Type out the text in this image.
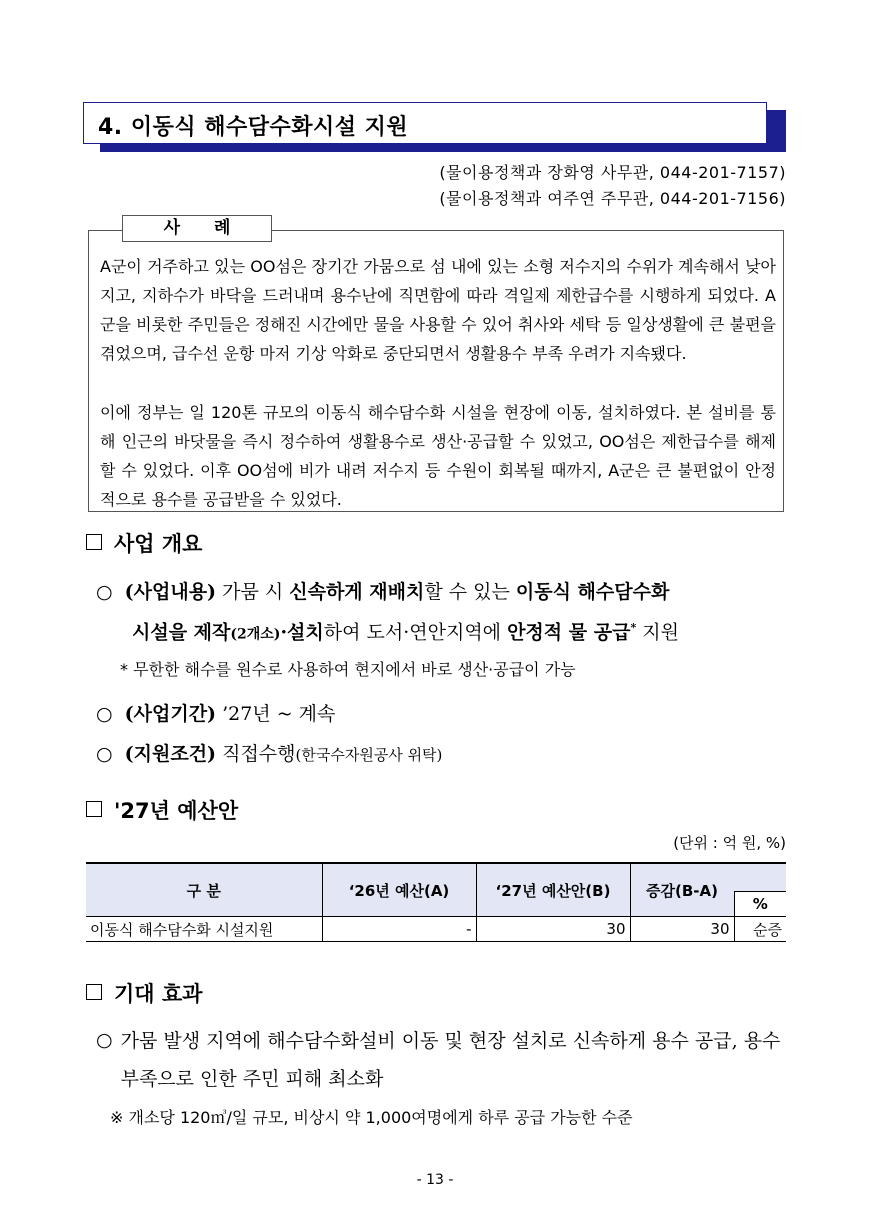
4. 이동식 해수담수화시설 지원
(물이용정책과 장화영 사무관, 044-201-7157)
(물이용정책과 여주연 주무관, 044-201-7156)
사 례
A군이 거주하고 있는 OO섬은 장기간 가뭄으로 섬 내에 있는 소형 저수지의 수위가 계속해서 낮아지고, 지하수가 바닥을 드러내며 용수난에 직면함에 따라 격일제 제한급수를 시행하게 되었다. A군을 비롯한 주민들은 정해진 시간에만 물을 사용할 수 있어 취사와 세탁 등 일상생활에 큰 불편을 겪었으며, 급수선 운항 마저 기상 악화로 중단되면서 생활용수 부족 우려가 지속됐다.
이에 정부는 일 120톤 규모의 이동식 해수담수화 시설을 현장에 이동, 설치하였다. 본 설비를 통해 인근의 바닷물을 즉시 정수하여 생활용수로 생산·공급할 수 있었고, OO섬은 제한급수를 해제할 수 있었다. 이후 OO섬에 비가 내려 저수지 등 수원이 회복될 때까지, A군은 큰 불편없이 안정적으로 용수를 공급받을 수 있었다.
사업 개요
○ (사업내용) 가뭄 시 신속하게 재배치할 수 있는 이동식 해수담수화
시설을 제작(2개소)·설치하여 도서·연안지역에 안정적 물 공급* 지원
* 무한한 해수를 원수로 사용하여 현지에서 바로 생산·공급이 가능
○ (사업기간) ’27년 ~ 계속
○ (지원조건) 직접수행(한국수자원공사 위탁)
'27년 예산안
(단위 : 억 원, %)
구 분	‘26년 예산(A)	‘27년 예산안(B)	증감(B-A)	
				%
이동식 해수담수화 시설지원	-	30	30	순증
기대 효과
○ 가뭄 발생 지역에 해수담수화설비 이동 및 현장 설치로 신속하게 용수 공급, 용수 부족으로 인한 주민 피해 최소화
※ 개소당 120㎥/일 규모, 비상시 약 1,000여명에게 하루 공급 가능한 수준
- 13 -
